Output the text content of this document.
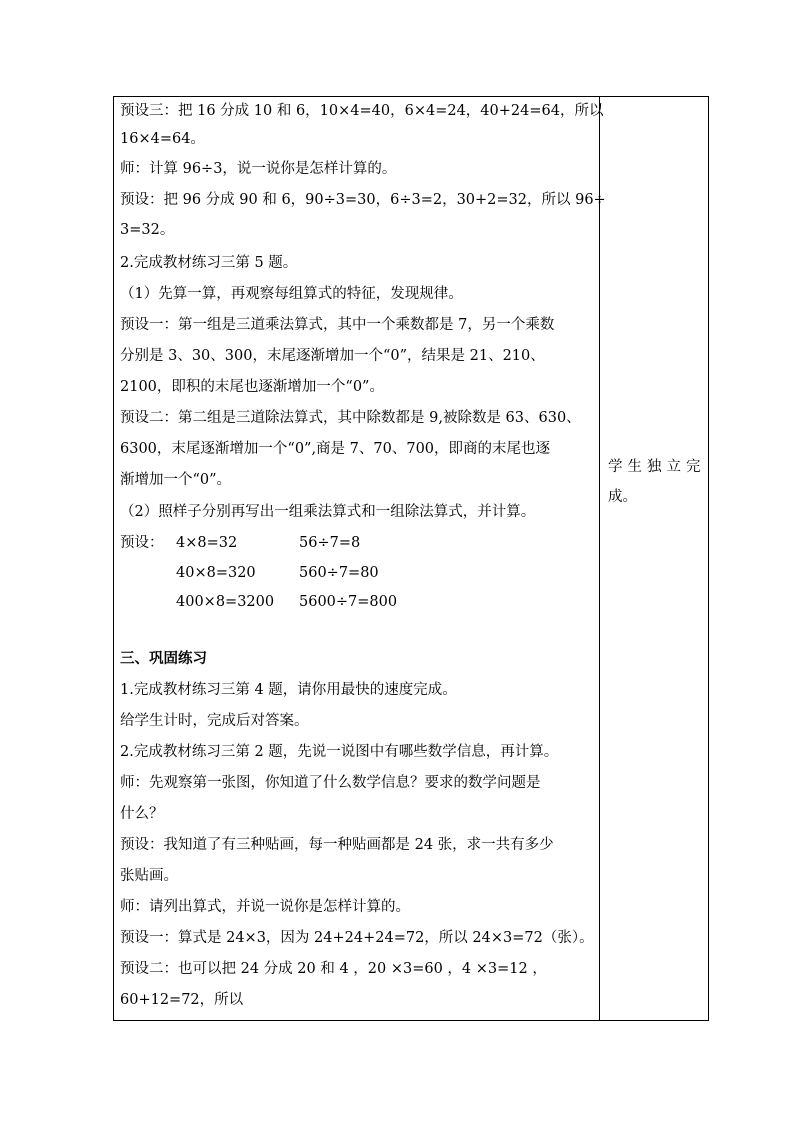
预设三：把 16 分成 10 和 6，10×4=40，6×4=24，40+24=64，所以
16×4=64。
师：计算 96÷3，说一说你是怎样计算的。
预设：把 96 分成 90 和 6，90÷3=30，6÷3=2，30+2=32，所以 96÷
3=32。
2.完成教材练习三第 5 题。
（1）先算一算，再观察每组算式的特征，发现规律。
预设一：第一组是三道乘法算式，其中一个乘数都是 7，另一个乘数
分别是 3、30、300，末尾逐渐增加一个“0”，结果是 21、210、
2100，即积的末尾也逐渐增加一个“0”。
预设二：第二组是三道除法算式，其中除数都是 9,被除数是 63、630、
6300，末尾逐渐增加一个“0”,商是 7、70、700，即商的末尾也逐
渐增加一个“0”。
（2）照样子分别再写出一组乘法算式和一组除法算式，并计算。
预设： 4×8=32	56÷7=8
40×8=320	560÷7=80
400×8=3200	5600÷7=800
三、巩固练习
1.完成教材练习三第 4 题，请你用最快的速度完成。
给学生计时，完成后对答案。
2.完成教材练习三第 2 题，先说一说图中有哪些数学信息，再计算。
师：先观察第一张图，你知道了什么数学信息？要求的数学问题是
什么？
预设：我知道了有三种贴画，每一种贴画都是 24 张，求一共有多少
张贴画。
师：请列出算式，并说一说你是怎样计算的。
预设一：算式是 24×3，因为 24+24+24=72，所以 24×3=72（张）。
预设二：也可以把 24 分成 20 和 4 ，20 ×3=60 ，4 ×3=12 ，
60+12=72，所以
学生独立完
成。
